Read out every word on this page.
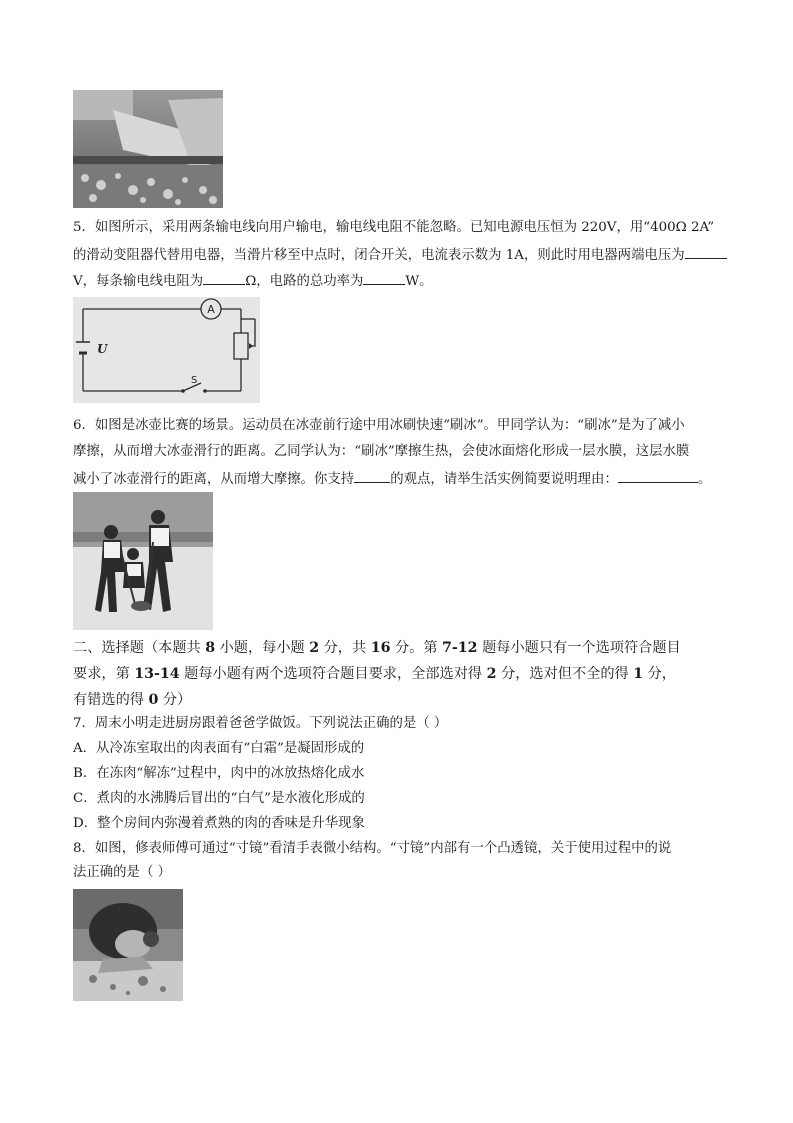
5．如图所示，采用两条输电线向用户输电，输电线电阻不能忽略。已知电源电压恒为 220V，用“400Ω 2A”
的滑动变阻器代替用电器，当滑片移至中点时，闭合开关，电流表示数为 1A，则此时用电器两端电压为
V，每条输电线电阻为	Ω，电路的总功率为	W。
A
U
S
6．如图是冰壶比赛的场景。运动员在冰壶前行途中用冰刷快速“刷冰”。甲同学认为：“刷冰”是为了减小
摩擦，从而增大冰壶滑行的距离。乙同学认为：“刷冰”摩擦生热，会使冰面熔化形成一层水膜，这层水膜
减小了冰壶滑行的距离，从而增大摩擦。你支持	的观点，请举生活实例简要说明理由：	。
二、选择题（本题共 8 小题，每小题 2 分，共 16 分。第 7-12 题每小题只有一个选项符合题目
要求，第 13-14 题每小题有两个选项符合题目要求，全部选对得 2 分，选对但不全的得 1 分，
有错选的得 0 分）
7．周末小明走进厨房跟着爸爸学做饭。下列说法正确的是（ ）
A．从冷冻室取出的肉表面有“白霜”是凝固形成的
B．在冻肉“解冻”过程中，肉中的冰放热熔化成水
C．煮肉的水沸腾后冒出的“白气”是水液化形成的
D．整个房间内弥漫着煮熟的肉的香味是升华现象
8．如图，修表师傅可通过“寸镜”看清手表微小结构。“寸镜”内部有一个凸透镜，关于使用过程中的说
法正确的是（ ）
